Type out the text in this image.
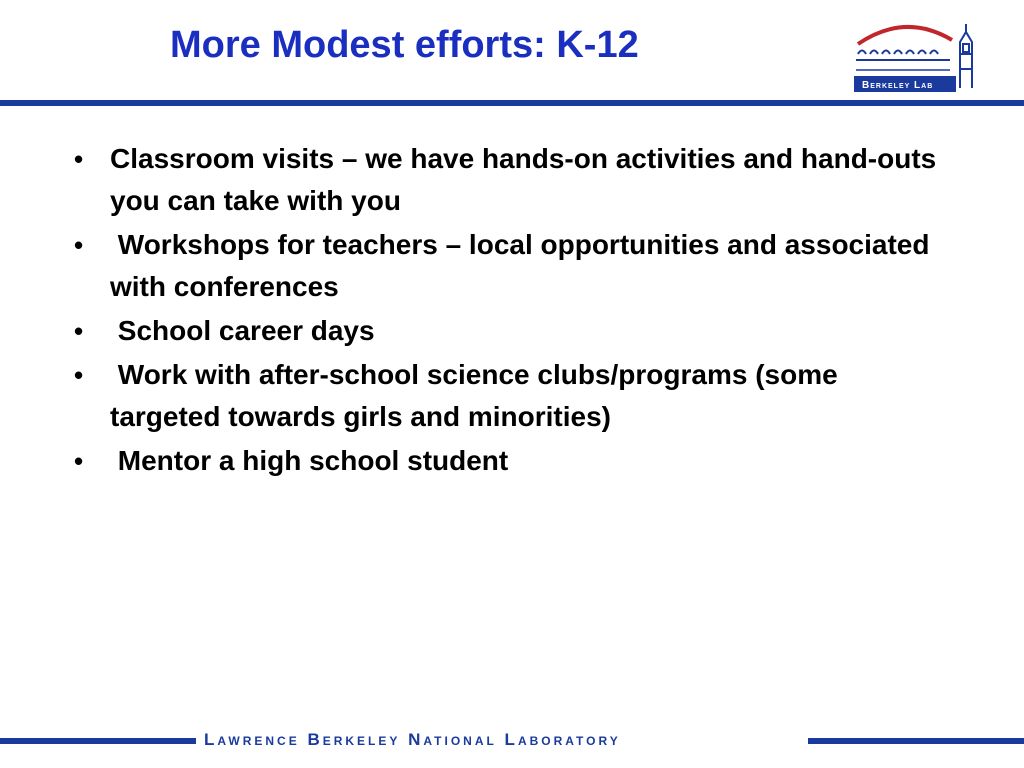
More Modest efforts: K-12
Berkeley Lab
• Classroom visits – we have hands-on activities and hand-outs you can take with you
• Workshops for teachers – local opportunities and associated with conferences
• School career days
• Work with after-school science clubs/programs (some targeted towards girls and minorities)
• Mentor a high school student
Lawrence Berkeley National Laboratory
